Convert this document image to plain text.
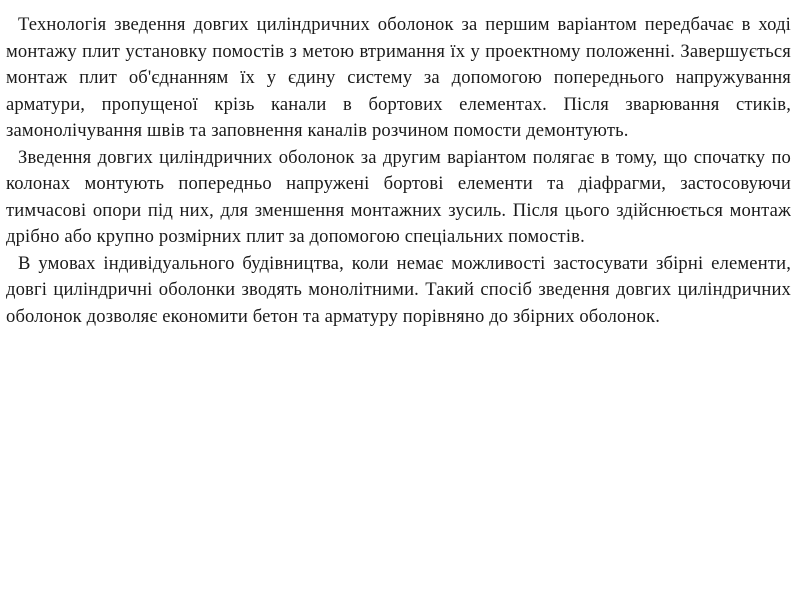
Технологія зведення довгих циліндричних оболонок за першим варіантом передбачає в ході монтажу плит установку помостів з метою втримання їх у проектному положенні. Завершується монтаж плит об'єднанням їх у єдину систему за допомогою попереднього напружування арматури, пропущеної крізь канали в бортових елементах. Після зварювання стиків, замонолічування швів та заповнення каналів розчином помости демонтують.

Зведення довгих циліндричних оболонок за другим варіантом полягає в тому, що спочатку по колонах монтують попередньо напружені бортові елементи та діафрагми, застосовуючи тимчасові опори під них, для зменшення монтажних зусиль. Після цього здійснюється монтаж дрібно або крупно розмірних плит за допомогою спеціальних помостів.

В умовах індивідуального будівництва, коли немає можливості застосувати збірні елементи, довгі циліндричні оболонки зводять монолітними. Такий спосіб зведення довгих циліндричних оболонок дозволяє економити бетон та арматуру порівняно до збірних оболонок.
